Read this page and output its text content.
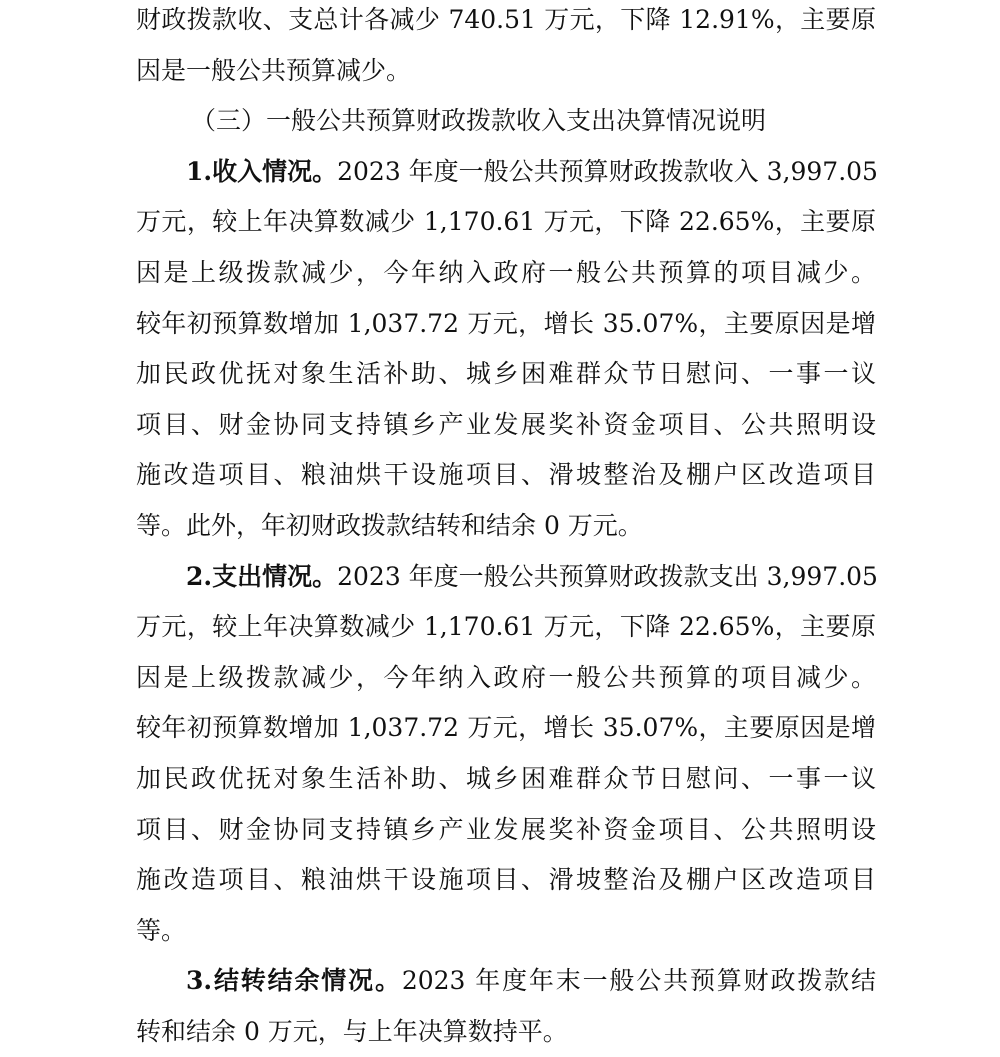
财政拨款收、支总计各减少 740.51 万元，下降 12.91%，主要原
因是一般公共预算减少。
（三）一般公共预算财政拨款收入支出决算情况说明
1.收入情况。2023 年度一般公共预算财政拨款收入 3,997.05
万元，较上年决算数减少 1,170.61 万元，下降 22.65%，主要原
因是上级拨款减少，今年纳入政府一般公共预算的项目减少。
较年初预算数增加 1,037.72 万元，增长 35.07%，主要原因是增
加民政优抚对象生活补助、城乡困难群众节日慰问、一事一议
项目、财金协同支持镇乡产业发展奖补资金项目、公共照明设
施改造项目、粮油烘干设施项目、滑坡整治及棚户区改造项目
等。此外，年初财政拨款结转和结余 0 万元。
2.支出情况。2023 年度一般公共预算财政拨款支出 3,997.05
万元，较上年决算数减少 1,170.61 万元，下降 22.65%，主要原
因是上级拨款减少，今年纳入政府一般公共预算的项目减少。
较年初预算数增加 1,037.72 万元，增长 35.07%，主要原因是增
加民政优抚对象生活补助、城乡困难群众节日慰问、一事一议
项目、财金协同支持镇乡产业发展奖补资金项目、公共照明设
施改造项目、粮油烘干设施项目、滑坡整治及棚户区改造项目
等。
3.结转结余情况。2023 年度年末一般公共预算财政拨款结
转和结余 0 万元，与上年决算数持平。
